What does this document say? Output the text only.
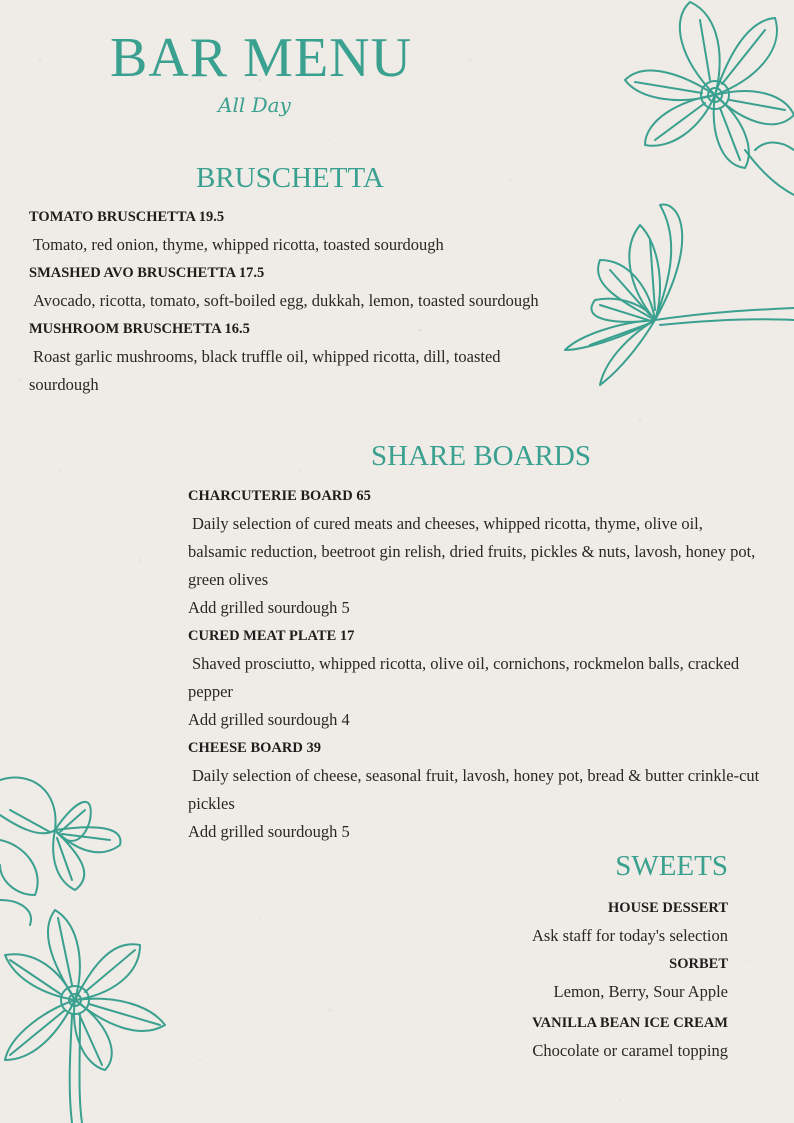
BAR MENU
All Day
BRUSCHETTA
TOMATO BRUSCHETTA 19.5
Tomato, red onion, thyme, whipped ricotta, toasted sourdough
SMASHED AVO BRUSCHETTA 17.5
Avocado, ricotta, tomato, soft-boiled egg, dukkah, lemon, toasted sourdough
MUSHROOM BRUSCHETTA 16.5
Roast garlic mushrooms, black truffle oil, whipped ricotta, dill, toasted sourdough
SHARE BOARDS
CHARCUTERIE BOARD 65
Daily selection of cured meats and cheeses, whipped ricotta, thyme, olive oil, balsamic reduction, beetroot gin relish, dried fruits, pickles & nuts, lavosh, honey pot, green olives
Add grilled sourdough 5
CURED MEAT PLATE 17
Shaved prosciutto, whipped ricotta, olive oil, cornichons, rockmelon balls, cracked pepper
Add grilled sourdough 4
CHEESE BOARD 39
Daily selection of cheese, seasonal fruit, lavosh, honey pot, bread & butter crinkle-cut pickles
Add grilled sourdough 5
SWEETS
HOUSE DESSERT
Ask staff for today's selection
SORBET
Lemon, Berry, Sour Apple
VANILLA BEAN ICE CREAM
Chocolate or caramel topping
